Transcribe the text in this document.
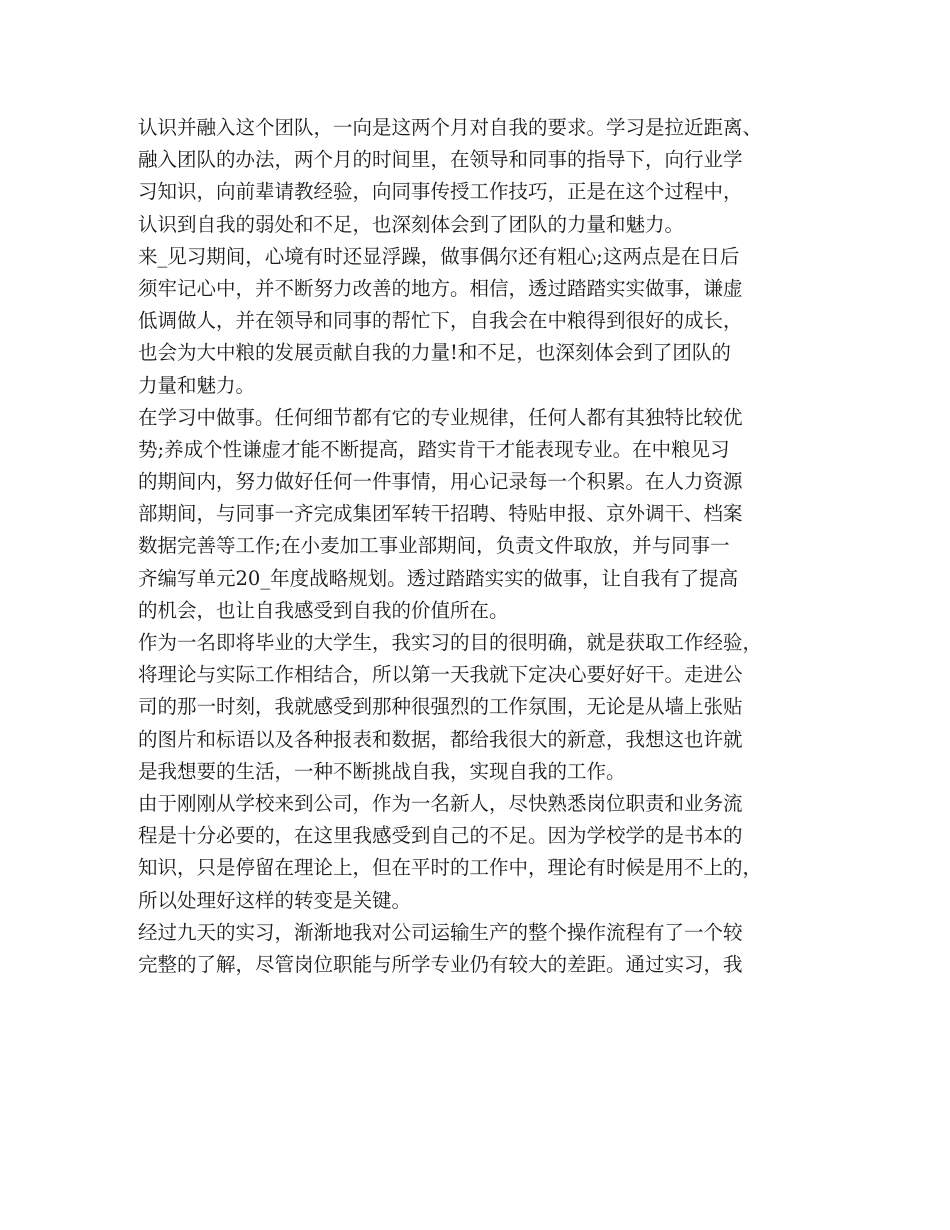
认识并融入这个团队，一向是这两个月对自我的要求。学习是拉近距离、
融入团队的办法，两个月的时间里，在领导和同事的指导下，向行业学
习知识，向前辈请教经验，向同事传授工作技巧，正是在这个过程中，
认识到自我的弱处和不足，也深刻体会到了团队的力量和魅力。
来_见习期间，心境有时还显浮躁，做事偶尔还有粗心;这两点是在日后
须牢记心中，并不断努力改善的地方。相信，透过踏踏实实做事，谦虚
低调做人，并在领导和同事的帮忙下，自我会在中粮得到很好的成长，
也会为大中粮的发展贡献自我的力量!和不足，也深刻体会到了团队的
力量和魅力。
在学习中做事。任何细节都有它的专业规律，任何人都有其独特比较优
势;养成个性谦虚才能不断提高，踏实肯干才能表现专业。在中粮见习
的期间内，努力做好任何一件事情，用心记录每一个积累。在人力资源
部期间，与同事一齐完成集团军转干招聘、特贴申报、京外调干、档案
数据完善等工作;在小麦加工事业部期间，负责文件取放，并与同事一
齐编写单元20_年度战略规划。透过踏踏实实的做事，让自我有了提高
的机会，也让自我感受到自我的价值所在。
作为一名即将毕业的大学生，我实习的目的很明确，就是获取工作经验，
将理论与实际工作相结合，所以第一天我就下定决心要好好干。走进公
司的那一时刻，我就感受到那种很强烈的工作氛围，无论是从墙上张贴
的图片和标语以及各种报表和数据，都给我很大的新意，我想这也许就
是我想要的生活，一种不断挑战自我，实现自我的工作。
由于刚刚从学校来到公司，作为一名新人，尽快熟悉岗位职责和业务流
程是十分必要的，在这里我感受到自己的不足。因为学校学的是书本的
知识，只是停留在理论上，但在平时的工作中，理论有时候是用不上的，
所以处理好这样的转变是关键。
经过九天的实习，渐渐地我对公司运输生产的整个操作流程有了一个较
完整的了解，尽管岗位职能与所学专业仍有较大的差距。通过实习，我
